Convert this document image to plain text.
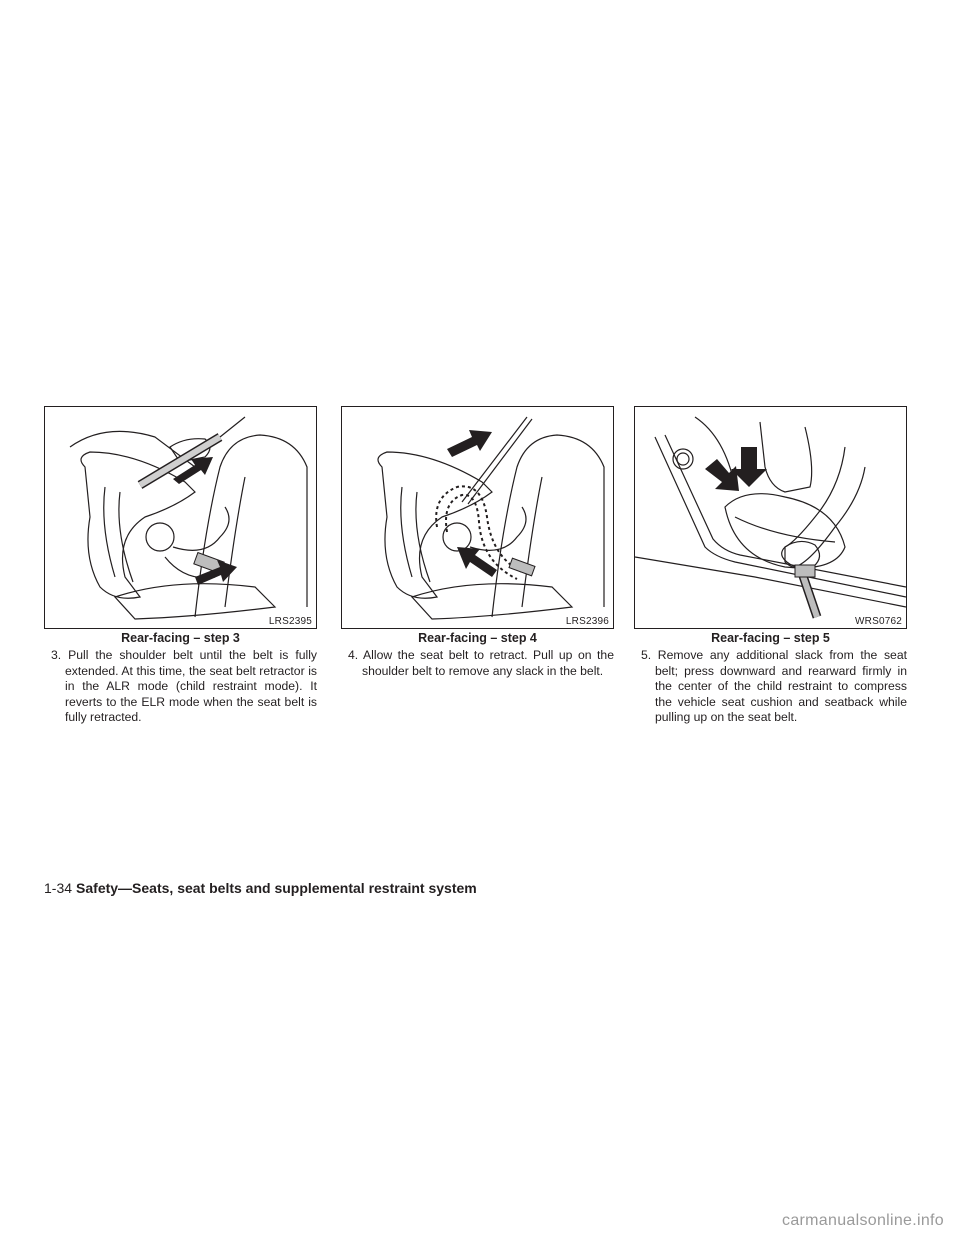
LRS2395
Rear-facing – step 3
3. Pull the shoulder belt until the belt is fully extended. At this time, the seat belt retractor is in the ALR mode (child restraint mode). It reverts to the ELR mode when the seat belt is fully retracted.
LRS2396
Rear-facing – step 4
4. Allow the seat belt to retract. Pull up on the shoulder belt to remove any slack in the belt.
WRS0762
Rear-facing – step 5
5. Remove any additional slack from the seat belt; press downward and rearward firmly in the center of the child restraint to compress the vehicle seat cushion and seatback while pulling up on the seat belt.
1-34 Safety—Seats, seat belts and supplemental restraint system
carmanualsonline.info
